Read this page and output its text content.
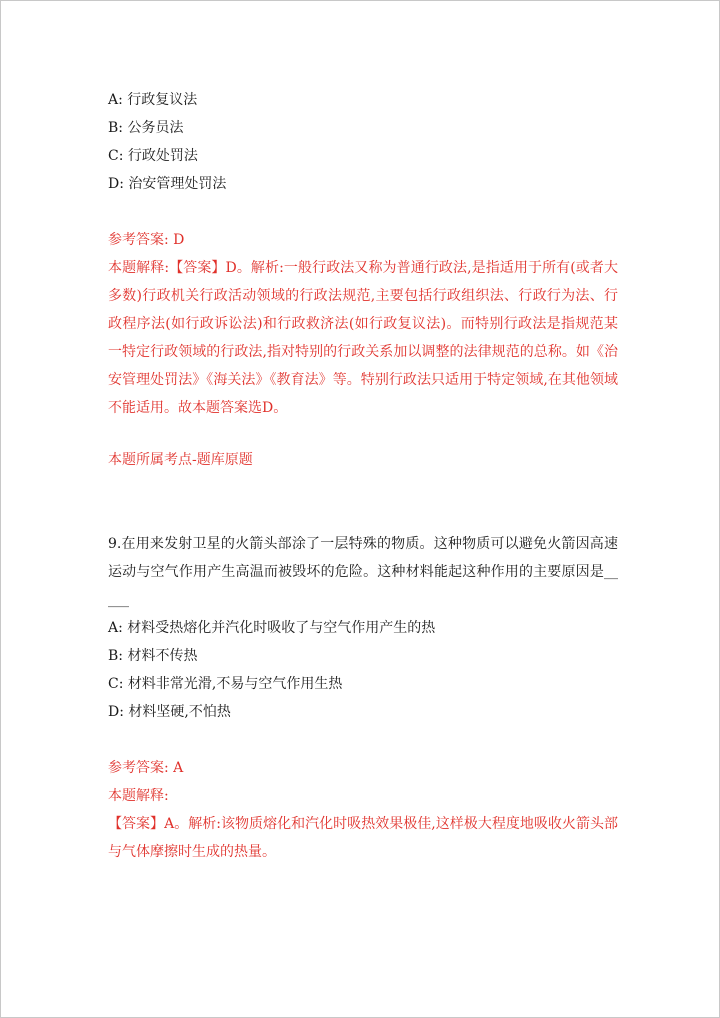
A: 行政复议法
B: 公务员法
C: 行政处罚法
D: 治安管理处罚法
参考答案: D
本题解释:【答案】D。解析:一般行政法又称为普通行政法,是指适用于所有(或者大多数)行政机关行政活动领域的行政法规范,主要包括行政组织法、行政行为法、行政程序法(如行政诉讼法)和行政救济法(如行政复议法)。而特别行政法是指规范某一特定行政领域的行政法,指对特别的行政关系加以调整的法律规范的总称。如《治安管理处罚法》《海关法》《教育法》等。特别行政法只适用于特定领域,在其他领域不能适用。故本题答案选D。
本题所属考点-题库原题
9.在用来发射卫星的火箭头部涂了一层特殊的物质。这种物质可以避免火箭因高速运动与空气作用产生高温而被毁坏的危险。这种材料能起这种作用的主要原因是_____
A: 材料受热熔化并汽化时吸收了与空气作用产生的热
B: 材料不传热
C: 材料非常光滑,不易与空气作用生热
D: 材料坚硬,不怕热
参考答案: A
本题解释:
【答案】A。解析:该物质熔化和汽化时吸热效果极佳,这样极大程度地吸收火箭头部与气体摩擦时生成的热量。
